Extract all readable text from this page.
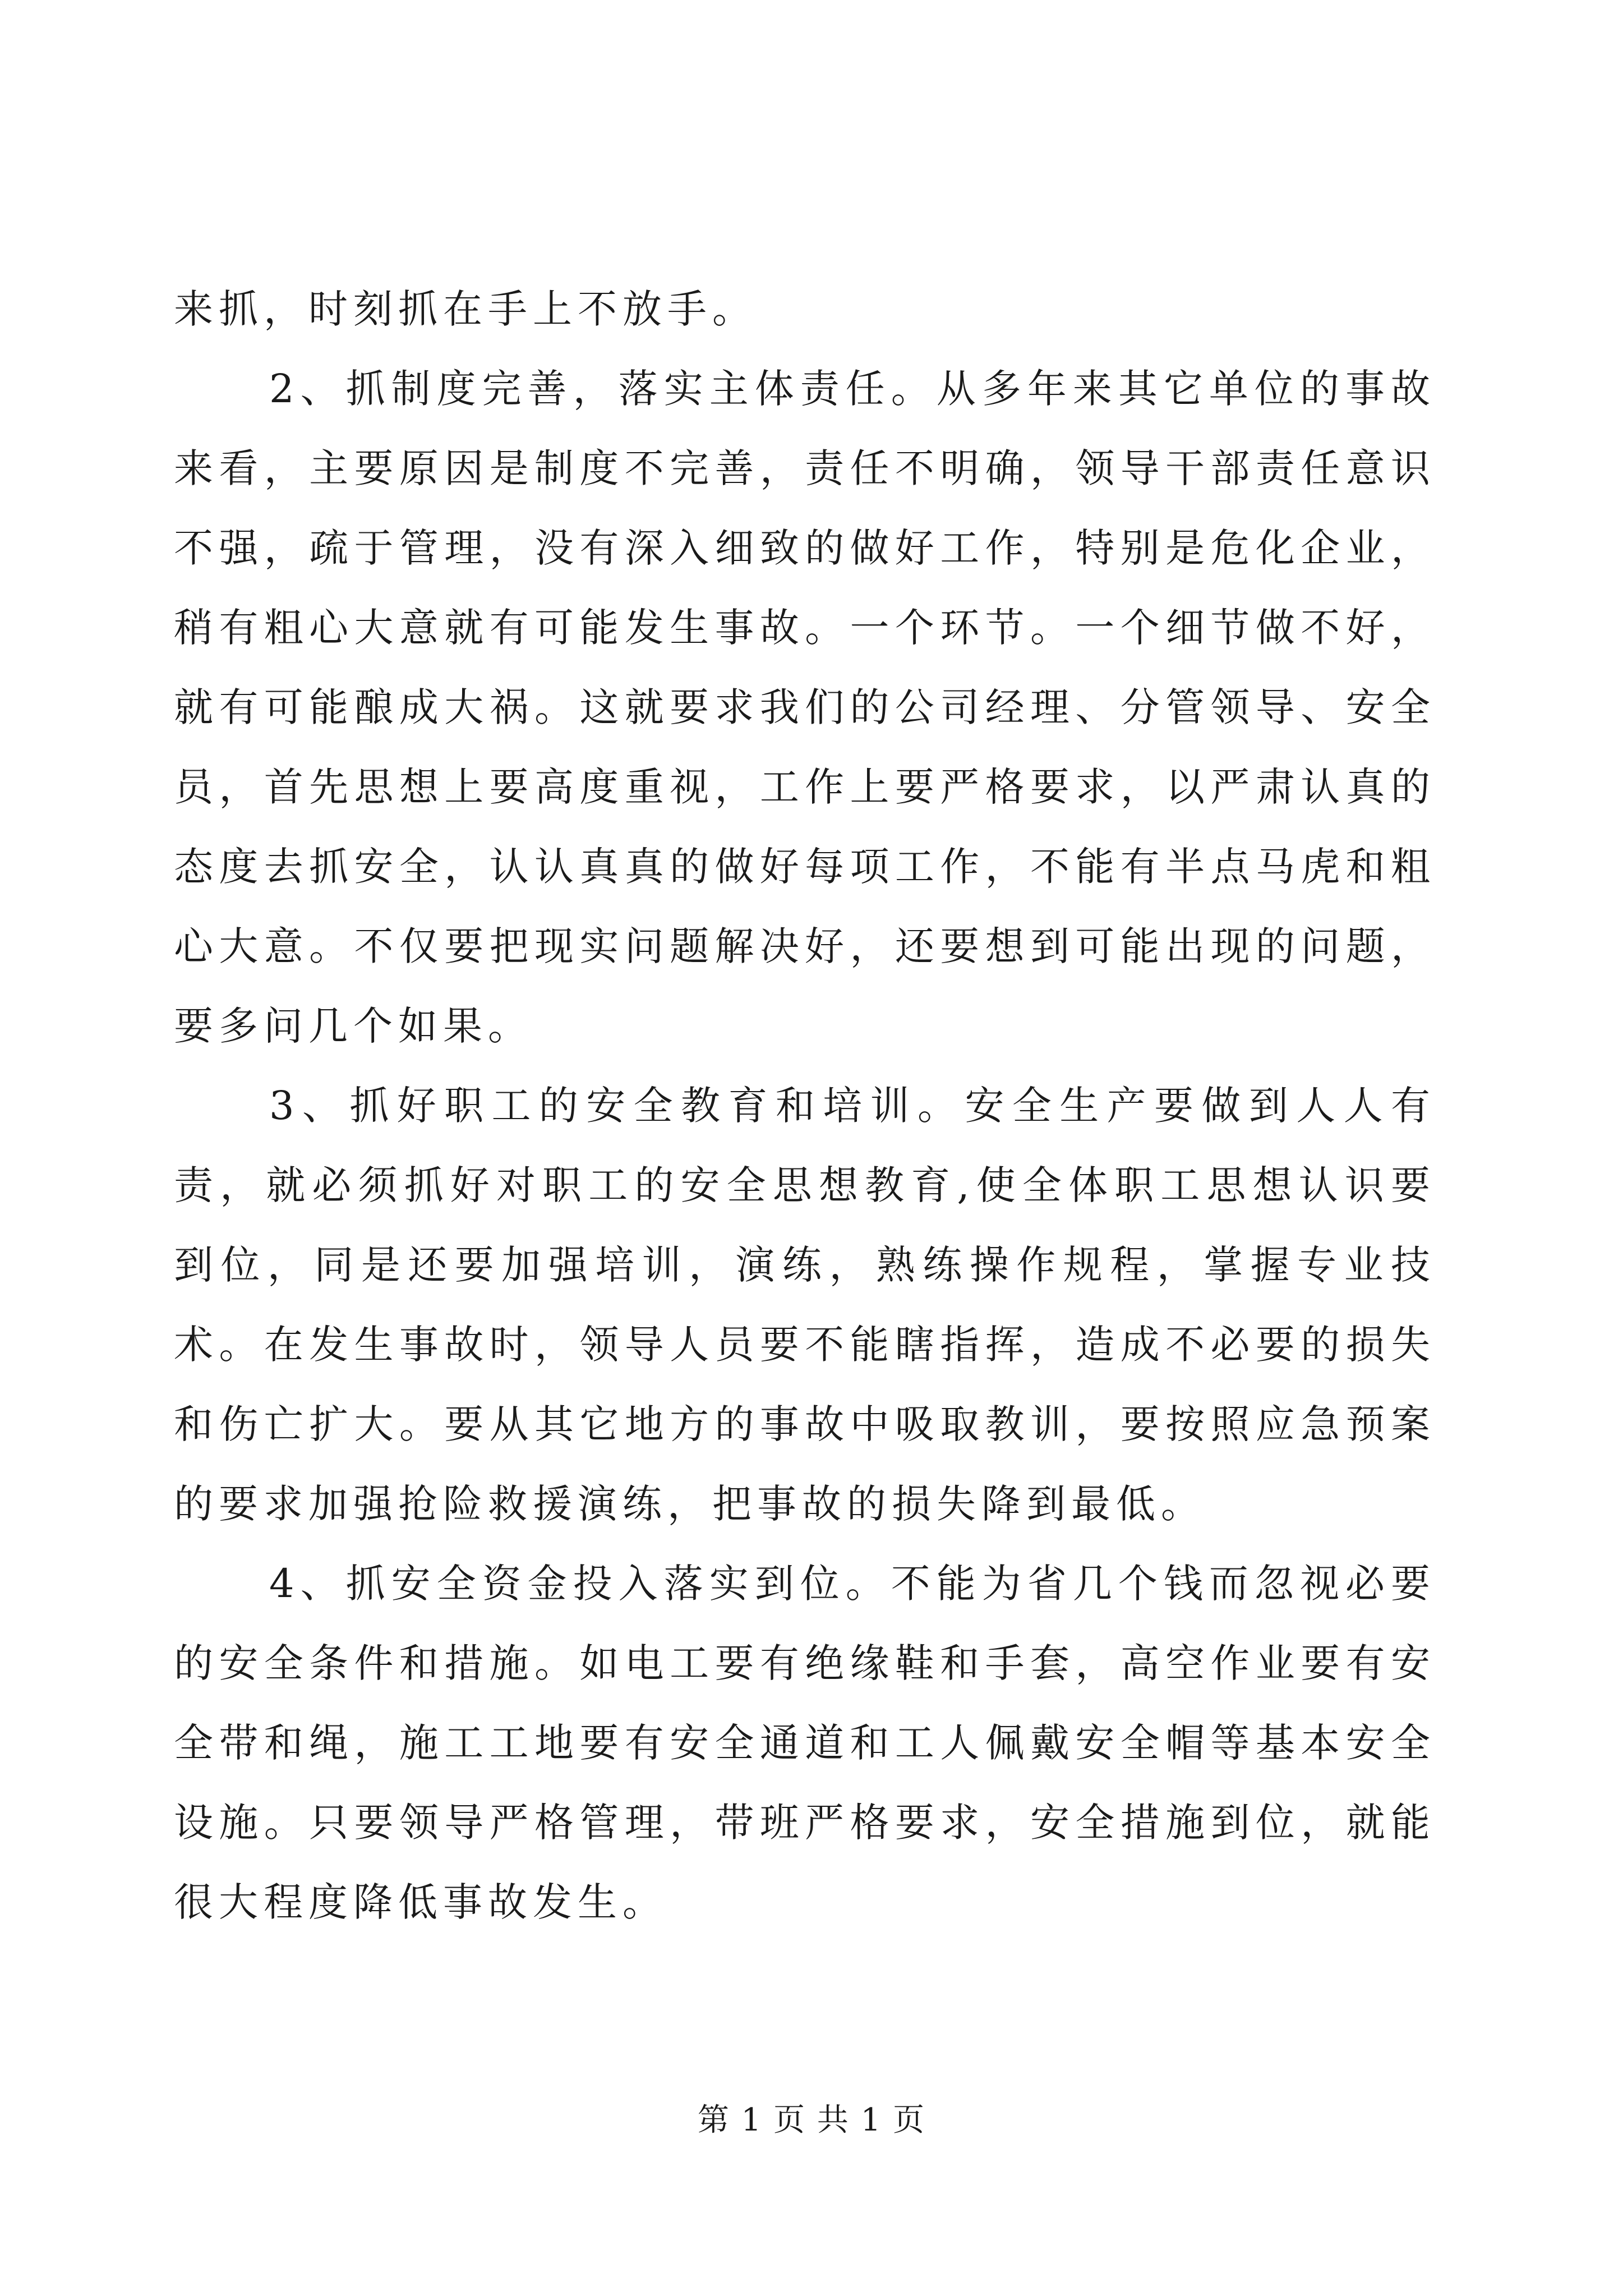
来抓，时刻抓在手上不放手。

2、抓制度完善，落实主体责任。从多年来其它单位的事故来看，主要原因是制度不完善，责任不明确，领导干部责任意识不强，疏于管理，没有深入细致的做好工作，特别是危化企业，稍有粗心大意就有可能发生事故。一个环节。一个细节做不好，就有可能酿成大祸。这就要求我们的公司经理、分管领导、安全员，首先思想上要高度重视，工作上要严格要求，以严肃认真的态度去抓安全，认认真真的做好每项工作，不能有半点马虎和粗心大意。不仅要把现实问题解决好，还要想到可能出现的问题，要多问几个如果。

3、抓好职工的安全教育和培训。安全生产要做到人人有责，就必须抓好对职工的安全思想教育,使全体职工思想认识要到位，同是还要加强培训，演练，熟练操作规程，掌握专业技术。在发生事故时，领导人员要不能瞎指挥，造成不必要的损失和伤亡扩大。要从其它地方的事故中吸取教训，要按照应急预案的要求加强抢险救援演练，把事故的损失降到最低。

4、抓安全资金投入落实到位。不能为省几个钱而忽视必要的安全条件和措施。如电工要有绝缘鞋和手套，高空作业要有安全带和绳，施工工地要有安全通道和工人佩戴安全帽等基本安全设施。只要领导严格管理，带班严格要求，安全措施到位，就能很大程度降低事故发生。

第 1 页 共 1 页
